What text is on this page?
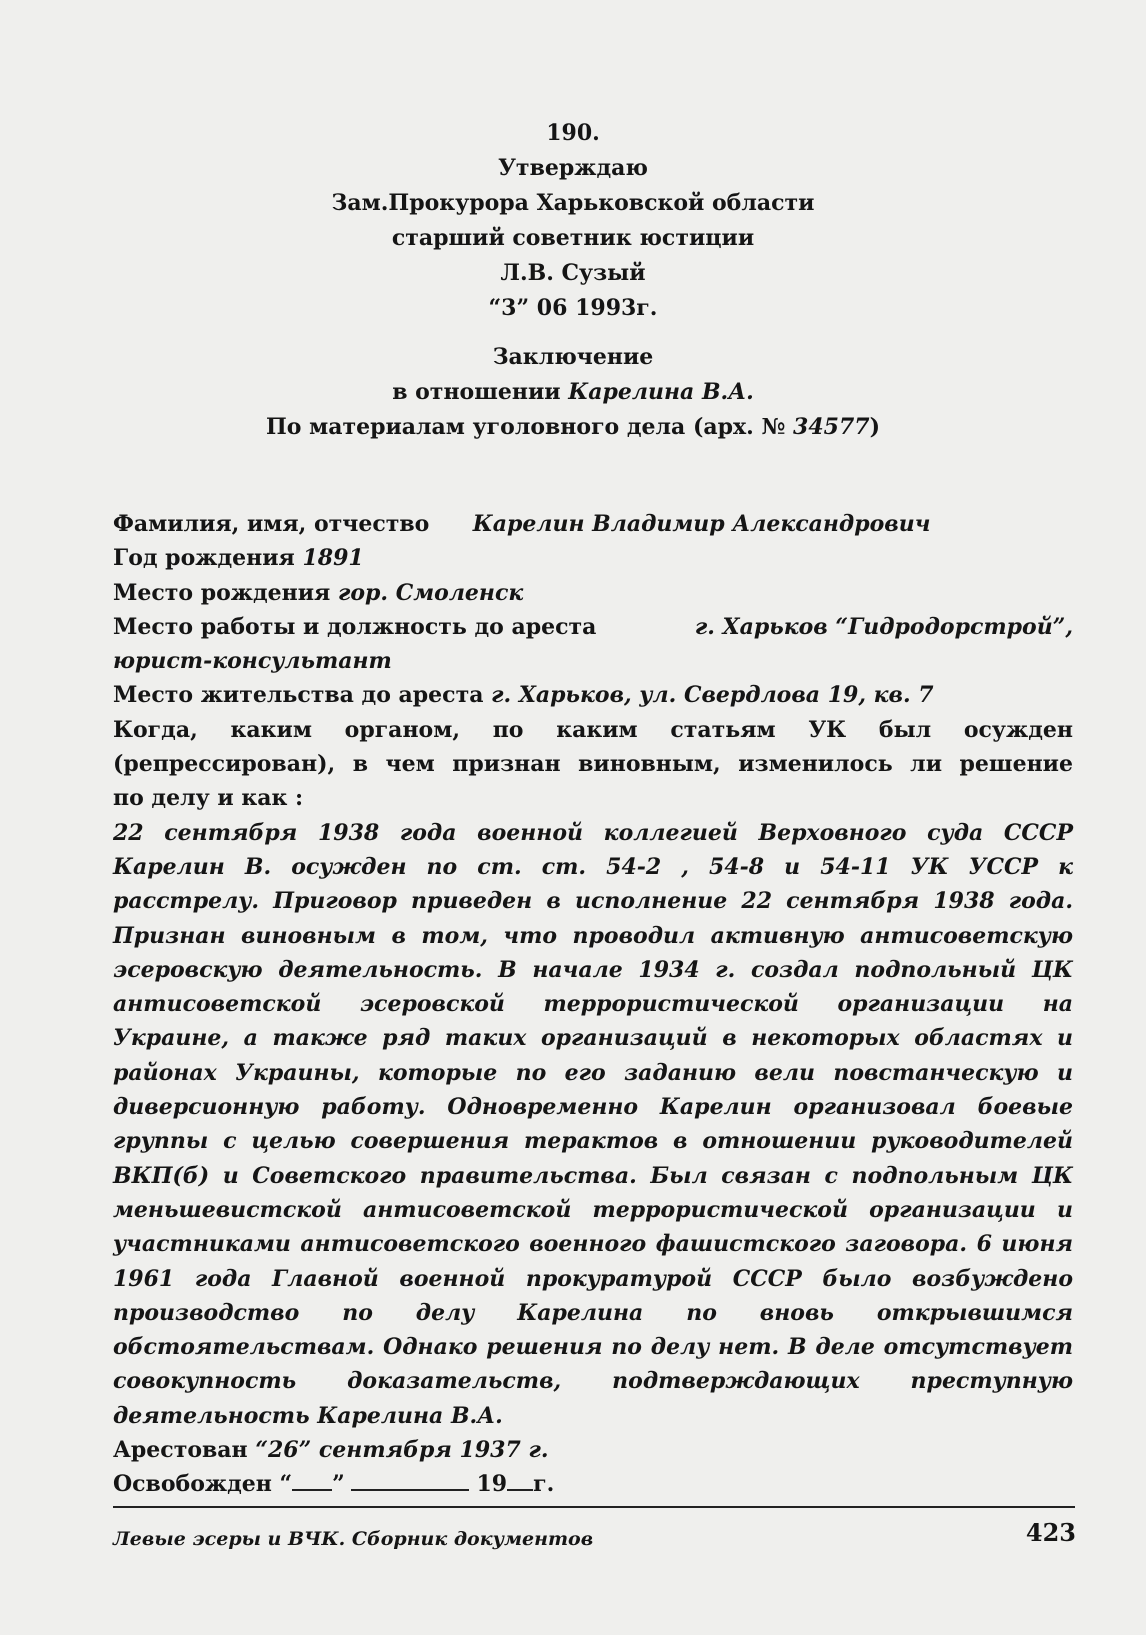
190.
Утверждаю
Зам.Прокурора Харьковской области
старший советник юстиции
Л.В. Сузый
“3” 06 1993г.
Заключение
в отношении Карелина В.А.
По материалам уголовного дела (арх. № 34577)
Фамилия, имя, отчество Карелин Владимир Александрович
Год рождения 1891
Место рождения гор. Смоленск
Место работы и должность до ареста	г. Харьков “Гидродорстрой”,
юрист-консультант
Место жительства до ареста г. Харьков, ул. Свердлова 19, кв. 7
Когда, каким органом, по каким статьям УК был осужден
(репрессирован), в чем признан виновным, изменилось ли решение
по делу и как :
22 сентября 1938 года военной коллегией Верховного суда СССР
Карелин В. осужден по ст. ст. 54-2 , 54-8 и 54-11 УК УССР к
расстрелу. Приговор приведен в исполнение 22 сентября 1938 года.
Признан виновным в том, что проводил активную антисоветскую
эсеровскую деятельность. В начале 1934 г. создал подпольный ЦК
антисоветской эсеровской террористической организации на
Украине, а также ряд таких организаций в некоторых областях и
районах Украины, которые по его заданию вели повстанческую и
диверсионную работу. Одновременно Карелин организовал боевые
группы с целью совершения терактов в отношении руководителей
ВКП(б) и Советского правительства. Был связан с подпольным ЦК
меньшевистской антисоветской террористической организации и
участниками антисоветского военного фашистского заговора. 6 июня
1961 года Главной военной прокуратурой СССР было возбуждено
производство по делу Карелина по вновь открывшимся
обстоятельствам. Однако решения по делу нет. В деле отсутствует
совокупность доказательств, подтверждающих преступную
деятельность Карелина В.А.
Арестован “26” сентября 1937 г.
Освобожден “ ”	19 г.
Левые эсеры и ВЧК. Сборник документов	423
